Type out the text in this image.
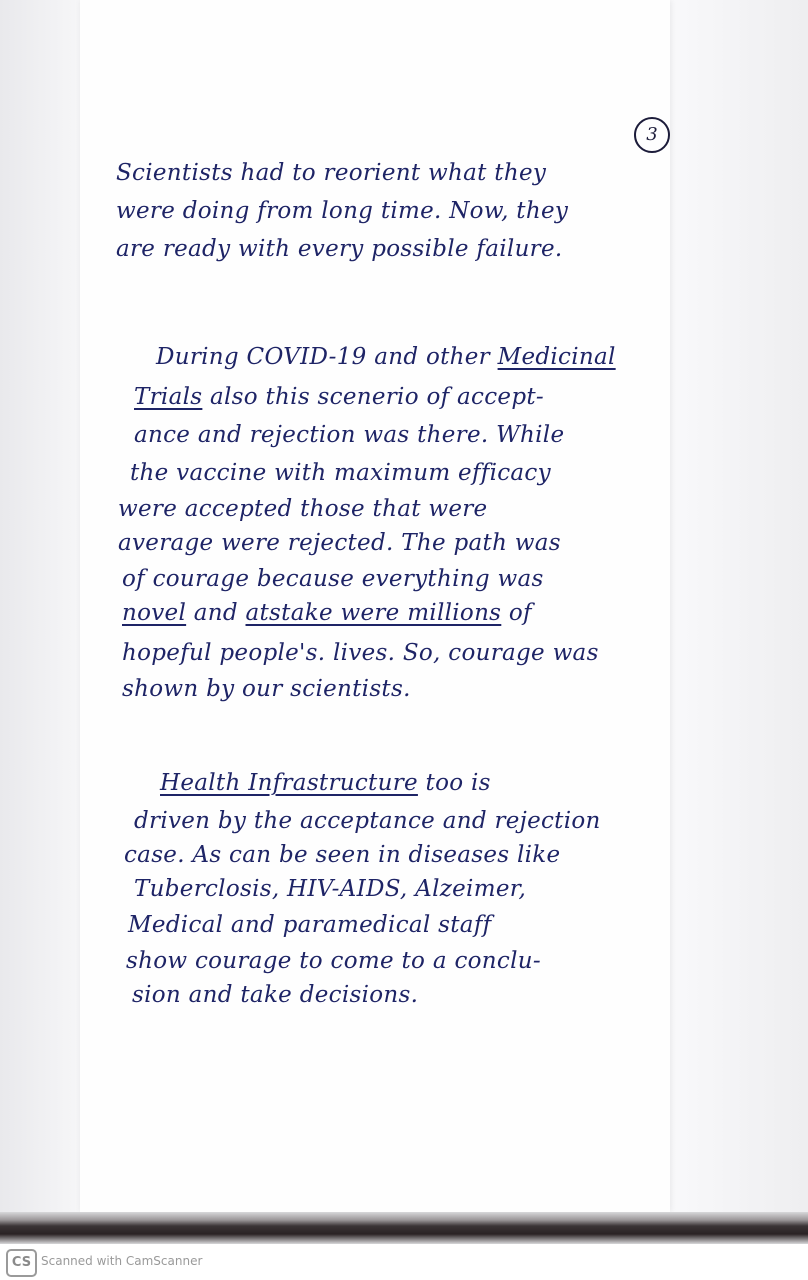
3
Scientists had to reorient what they
were doing from long time. Now, they
are ready with every possible failure.
During COVID-19 and other Medicinal
Trials also this scenerio of accept-
ance and rejection was there. While
the vaccine with maximum efficacy
were accepted those that were
average were rejected. The path was
of courage because everything was
novel and atstake were millions of
hopeful people's. lives. So, courage was
shown by our scientists.
Health Infrastructure too is
driven by the acceptance and rejection
case. As can be seen in diseases like
Tuberclosis, HIV-AIDS, Alzeimer,
Medical and paramedical staff
show courage to come to a conclu-
sion and take decisions.
CS Scanned with CamScanner
